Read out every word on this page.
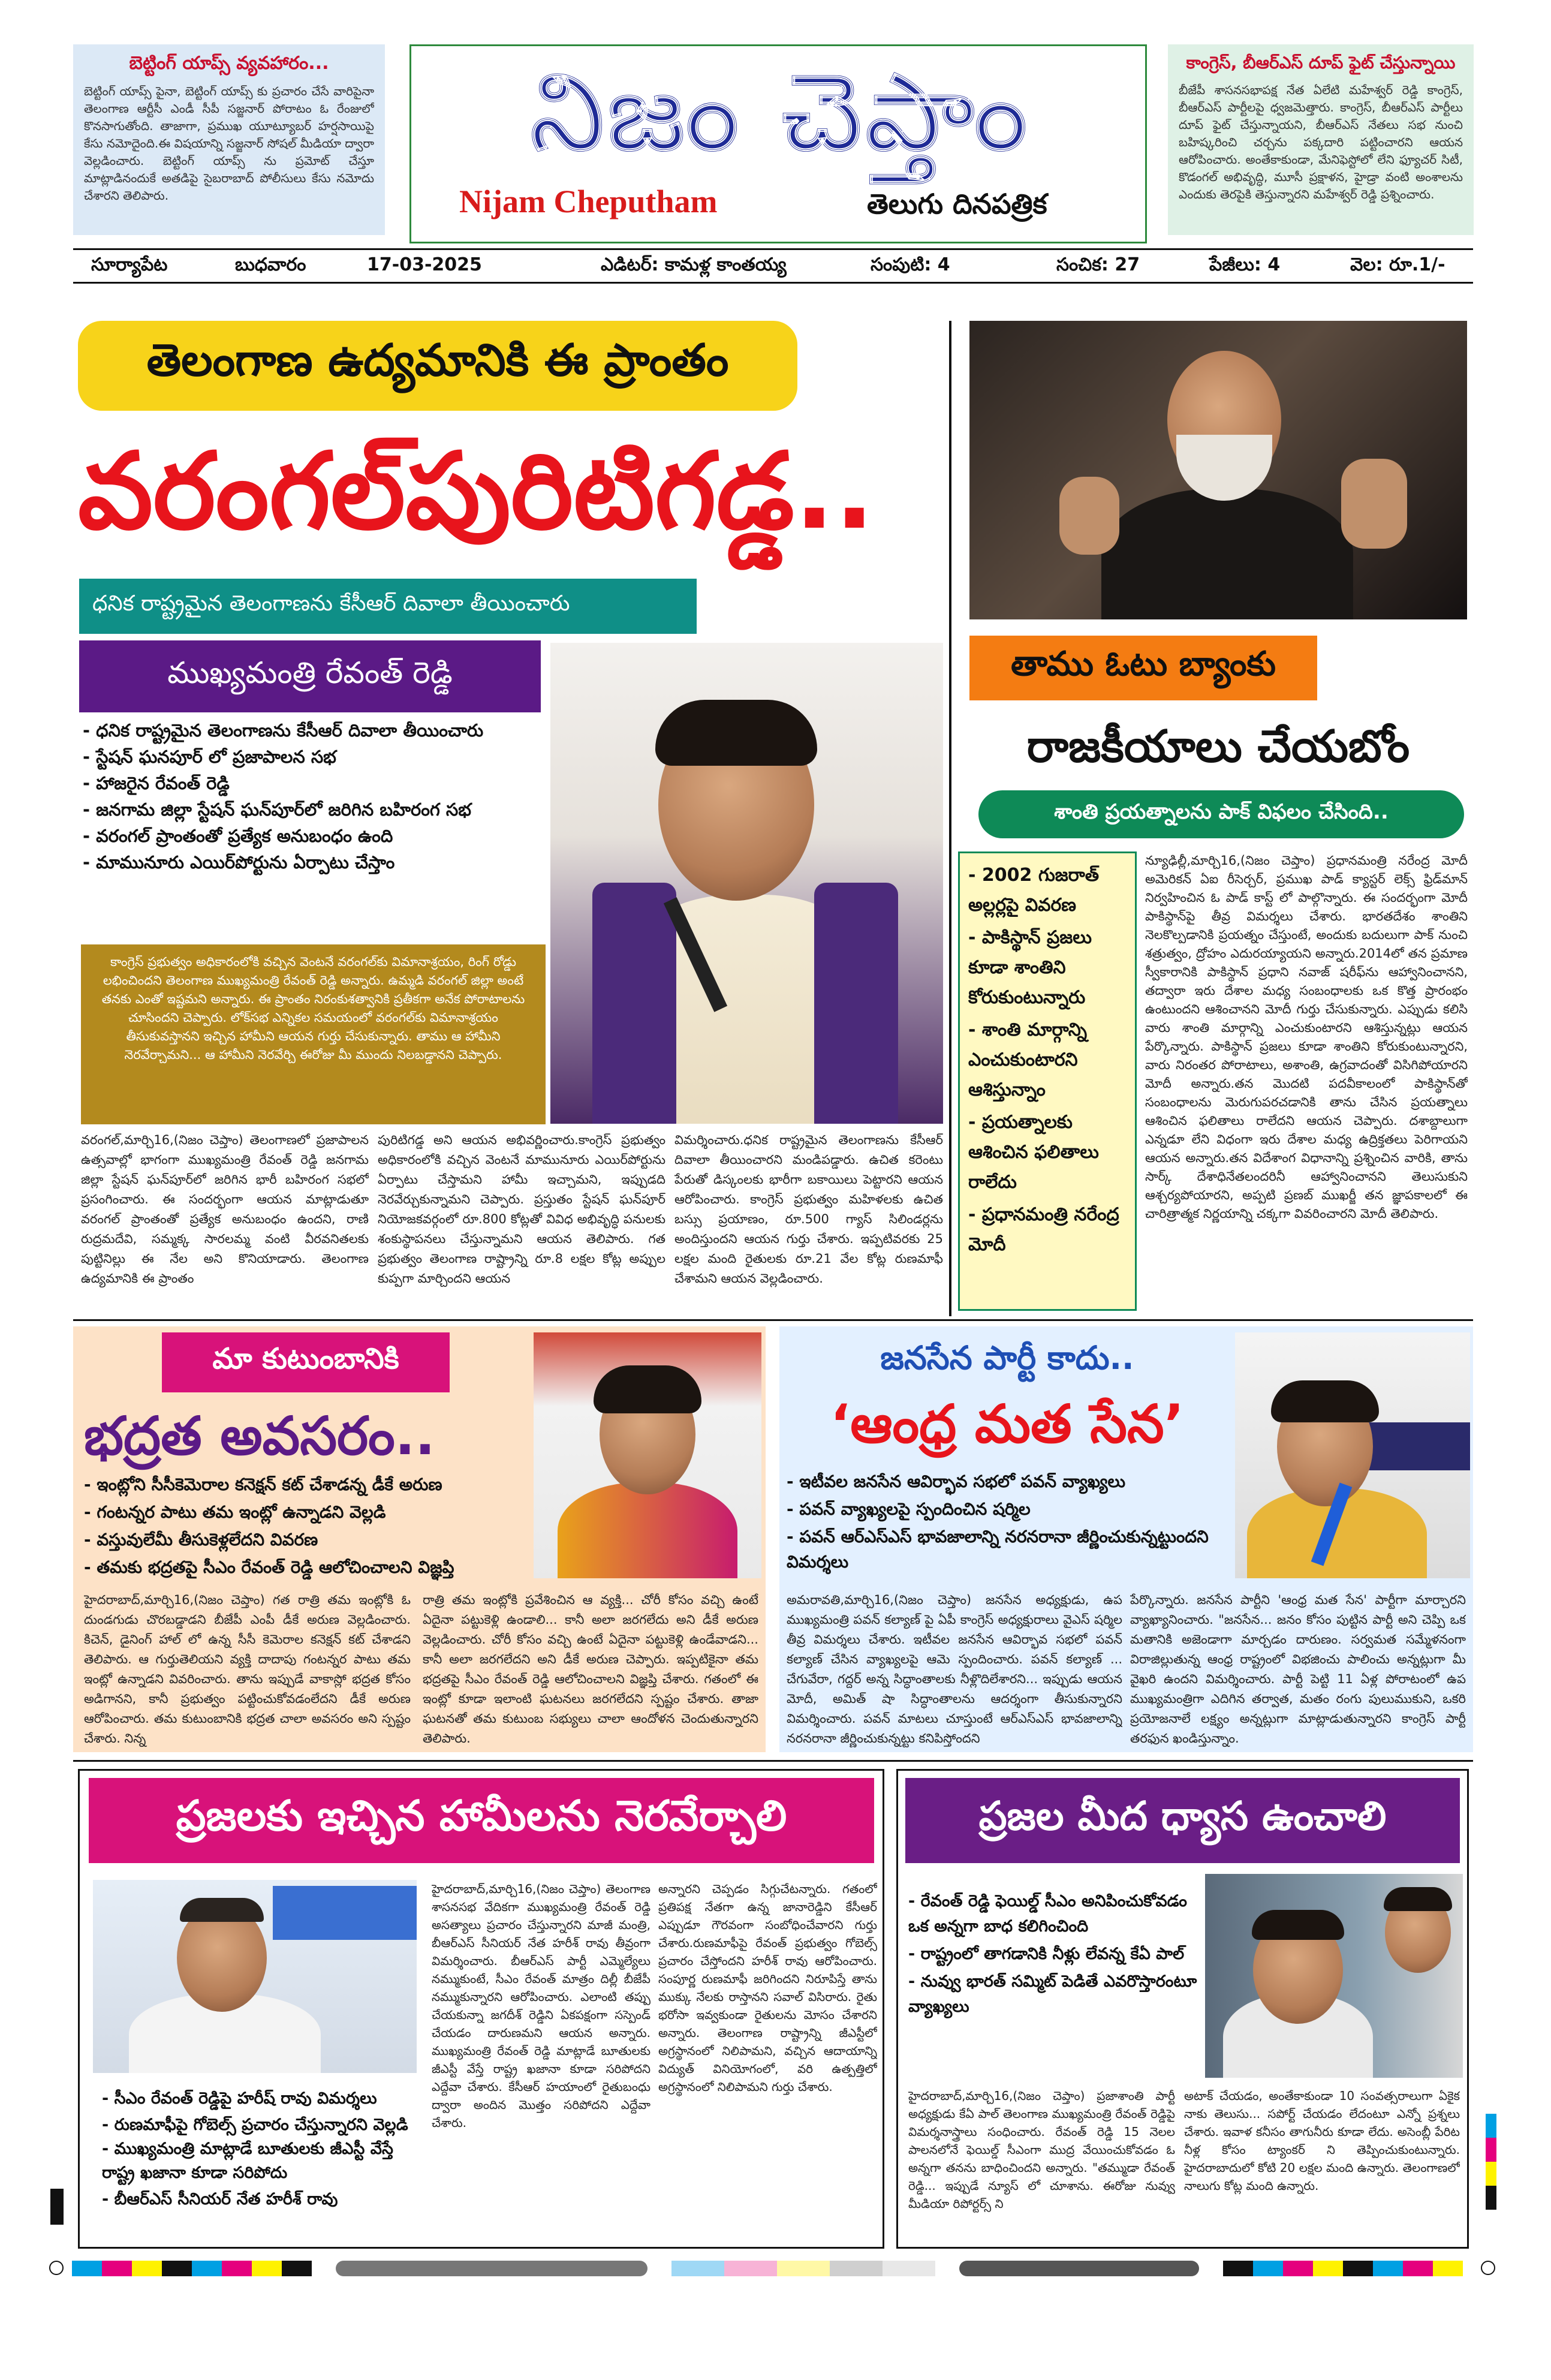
బెట్టింగ్ యాప్స్ వ్యవహారం...
బెట్టింగ్ యాప్స్ పైనా, బెట్టింగ్ యాప్స్ కు ప్రచారం చేసే వారిపైనా తెలంగాణ ఆర్టీసీ ఎండీ సీపీ సజ్జనార్ పోరాటం ఓ రేంజులో కొనసాగుతోంది. తాజాగా, ప్రముఖ యూట్యూబర్ హర్షసాయిపై కేసు నమోదైంది.ఈ విషయాన్ని సజ్జనార్ సోషల్ మీడియా ద్వారా వెల్లడించారు. బెట్టింగ్ యాప్స్ ను ప్రమోట్ చేస్తూ మాట్లాడినందుకే అతడిపై సైబరాబాద్ పోలీసులు కేసు నమోదు చేశారని తెలిపారు.
నిజం చెప్తాం
Nijam Cheputham	తెలుగు దినపత్రిక
కాంగ్రెస్, బీఆర్ఎస్ దూప్ ఫైట్ చేస్తున్నాయి
బీజేపీ శాసనసభాపక్ష నేత ఏలేటి మహేశ్వర్ రెడ్డి కాంగ్రెస్, బీఆర్ఎస్ పార్టీలపై ధ్వజమెత్తారు. కాంగ్రెస్, బీఆర్ఎస్ పార్టీలు దూప్ ఫైట్ చేస్తున్నాయని, బీఆర్ఎస్ నేతలు సభ నుంచి బహిష్కరించి చర్చను పక్కదారి పట్టించారని ఆయన ఆరోపించారు. అంతేకాకుండా, మేనిఫెస్టోలో లేని ఫ్యూచర్ సిటీ, కొడంగల్ అభివృద్ధి, మూసీ ప్రక్షాళన, హైడ్రా వంటి అంశాలను ఎందుకు తెరపైకి తెస్తున్నారని మహేశ్వర్ రెడ్డి ప్రశ్నించారు.
సూర్యాపేట	బుధవారం	17-03-2025	ఎడిటర్: కామళ్ల కాంతయ్య	సంపుటి: 4	సంచిక: 27	పేజీలు: 4	వెల: రూ.1/-
తెలంగాణ ఉద్యమానికి ఈ ప్రాంతం
వరంగల్‌పురిటిగడ్డ..
ధనిక రాష్ట్రమైన తెలంగాణను కేసీఆర్ దివాలా తీయించారు
ముఖ్యమంత్రి రేవంత్ రెడ్డి
- ధనిక రాష్ట్రమైన తెలంగాణను కేసీఆర్ దివాలా తీయించారు
- స్టేషన్ ఘనపూర్ లో ప్రజాపాలన సభ
- హాజరైన రేవంత్ రెడ్డి
- జనగామ జిల్లా స్టేషన్ ఘన్‌పూర్‌లో జరిగిన బహిరంగ సభ
- వరంగల్ ప్రాంతంతో ప్రత్యేక అనుబంధం ఉంది
- మామునూరు ఎయిర్‌పోర్టును ఏర్పాటు చేస్తాం
కాంగ్రెస్ ప్రభుత్వం అధికారంలోకి వచ్చిన వెంటనే వరంగల్‌కు విమానాశ్రయం, రింగ్ రోడ్డు లభించిందని తెలంగాణ ముఖ్యమంత్రి రేవంత్ రెడ్డి అన్నారు. ఉమ్మడి వరంగల్ జిల్లా అంటే తనకు ఎంతో ఇష్టమని అన్నారు. ఈ ప్రాంతం నిరంకుశత్వానికి ప్రతీకగా అనేక పోరాటాలను చూసిందని చెప్పారు. లోక్‌సభ ఎన్నికల సమయంలో వరంగల్‌కు విమానాశ్రయం తీసుకువస్తానని ఇచ్చిన హామీని ఆయన గుర్తు చేసుకున్నారు. తాము ఆ హామీని నెరవేర్చామని... ఆ హామీని నెరవేర్చి ఈరోజు మీ ముందు నిలబడ్డానని చెప్పారు.
వరంగల్,మార్చి16,(నిజం చెప్తాం) తెలంగాణలో ప్రజాపాలన ఉత్సవాల్లో భాగంగా ముఖ్యమంత్రి రేవంత్ రెడ్డి జనగామ జిల్లా స్టేషన్ ఘన్‌పూర్‌లో జరిగిన భారీ బహిరంగ సభలో ప్రసంగించారు. ఈ సందర్భంగా ఆయన మాట్లాడుతూ వరంగల్ ప్రాంతంతో ప్రత్యేక అనుబంధం ఉందని, రాణి రుద్రమదేవి, సమ్మక్క సారలమ్మ వంటి వీరవనితలకు పుట్టినిల్లు ఈ నేల అని కొనియాడారు. తెలంగాణ ఉద్యమానికి ఈ ప్రాంతం
పురిటిగడ్డ అని ఆయన అభివర్ణించారు.కాంగ్రెస్ ప్రభుత్వం అధికారంలోకి వచ్చిన వెంటనే మామునూరు ఎయిర్‌పోర్టును ఏర్పాటు చేస్తామని హామీ ఇచ్చామని, ఇప్పుడది నెరవేర్చుకున్నామని చెప్పారు. ప్రస్తుతం స్టేషన్ ఘన్‌పూర్ నియోజకవర్గంలో రూ.800 కోట్లతో వివిధ అభివృద్ధి పనులకు శంకుస్థాపనలు చేస్తున్నామని ఆయన తెలిపారు. గత ప్రభుత్వం తెలంగాణ రాష్ట్రాన్ని రూ.8 లక్షల కోట్ల అప్పుల కుప్పగా మార్చిందని ఆయన
విమర్శించారు.ధనిక రాష్ట్రమైన తెలంగాణను కేసీఆర్ దివాలా తీయించారని మండిపడ్డారు. ఉచిత కరెంటు పేరుతో డిస్కంలకు భారీగా బకాయిలు పెట్టారని ఆయన ఆరోపించారు. కాంగ్రెస్ ప్రభుత్వం మహిళలకు ఉచిత బస్సు ప్రయాణం, రూ.500 గ్యాస్ సిలిండర్లను అందిస్తుందని ఆయన గుర్తు చేశారు. ఇప్పటివరకు 25 లక్షల మంది రైతులకు రూ.21 వేల కోట్ల రుణమాఫీ చేశామని ఆయన వెల్లడించారు.
తాము ఓటు బ్యాంకు
రాజకీయాలు చేయబోం
శాంతి ప్రయత్నాలను పాక్ విఫలం చేసింది..
- 2002 గుజరాత్ అల్లర్లపై వివరణ
- పాకిస్థాన్ ప్రజలు కూడా శాంతిని కోరుకుంటున్నారు
- శాంతి మార్గాన్ని ఎంచుకుంటారని ఆశిస్తున్నాం
- ప్రయత్నాలకు ఆశించిన ఫలితాలు రాలేదు
- ప్రధానమంత్రి నరేంద్ర మోదీ
న్యూఢిల్లీ,మార్చి16,(నిజం చెప్తాం) ప్రధానమంత్రి నరేంద్ర మోదీ అమెరికన్ ఏఐ రీసెర్చర్, ప్రముఖ పాడ్ క్యాస్టర్ లెక్స్ ఫ్రిడ్‌మాన్ నిర్వహించిన ఓ పాడ్ కాస్ట్ లో పాల్గొన్నారు. ఈ సందర్భంగా మోదీ పాకిస్థాన్‌పై తీవ్ర విమర్శలు చేశారు. భారతదేశం శాంతిని నెలకొల్పడానికి ప్రయత్నం చేస్తుంటే, అందుకు బదులుగా పాక్ నుంచి శత్రుత్వం, ద్రోహం ఎదురయ్యాయని అన్నారు.2014లో తన ప్రమాణ స్వీకారానికి పాకిస్థాన్ ప్రధాని నవాజ్ షరీఫ్‌ను ఆహ్వానించానని, తద్వారా ఇరు దేశాల మధ్య సంబంధాలకు ఒక కొత్త ప్రారంభం ఉంటుందని ఆశించానని మోదీ గుర్తు చేసుకున్నారు. ఎప్పుడు కలిసి వారు శాంతి మార్గాన్ని ఎంచుకుంటారని ఆశిస్తున్నట్లు ఆయన పేర్కొన్నారు. పాకిస్థాన్ ప్రజలు కూడా శాంతిని కోరుకుంటున్నారని, వారు నిరంతర పోరాటాలు, అశాంతి, ఉగ్రవాదంతో విసిగిపోయారని మోదీ అన్నారు.తన మొదటి పదవీకాలంలో పాకిస్థాన్‌తో సంబంధాలను మెరుగుపరచడానికి తాను చేసిన ప్రయత్నాలు ఆశించిన ఫలితాలు రాలేదని ఆయన చెప్పారు. దశాబ్దాలుగా ఎన్నడూ లేని విధంగా ఇరు దేశాల మధ్య ఉద్రిక్తతలు పెరిగాయని ఆయన అన్నారు.తన విదేశాంగ విధానాన్ని ప్రశ్నించిన వారికి, తాను సార్క్ దేశాధినేతలందరినీ ఆహ్వానించానని తెలుసుకుని ఆశ్చర్యపోయారని, అప్పటి ప్రణబ్ ముఖర్జీ తన జ్ఞాపకాలలో ఈ చారిత్రాత్మక నిర్ణయాన్ని చక్కగా వివరించారని మోదీ తెలిపారు.
మా కుటుంబానికి
భద్రత అవసరం..
- ఇంట్లోని సీసీకెమెరాల కనెక్షన్ కట్ చేశాడన్న డీకే అరుణ
- గంటన్నర పాటు తమ ఇంట్లో ఉన్నాడని వెల్లడి
- వస్తువులేమీ తీసుకెళ్లలేదని వివరణ
- తమకు భద్రతపై సీఎం రేవంత్ రెడ్డి ఆలోచించాలని విజ్ఞప్తి
హైదరాబాద్,మార్చి16,(నిజం చెప్తాం) గత రాత్రి తమ ఇంట్లోకి ఓ దుండగుడు చొరబడ్డాడని బీజేపీ ఎంపీ డీకే అరుణ వెల్లడించారు. కిచెన్, డైనింగ్ హాల్ లో ఉన్న సీసీ కెమెరాల కనెక్షన్ కట్ చేశాడని తెలిపారు. ఆ గుర్తుతెలియని వ్యక్తి దాదాపు గంటన్నర పాటు తమ ఇంట్లో ఉన్నాడని వివరించారు. తాను ఇప్పుడే వాకాస్లో భద్రత కోసం అడిగానని, కానీ ప్రభుత్వం పట్టించుకోవడంలేదని డీకే అరుణ ఆరోపించారు. తమ కుటుంబానికి భద్రత చాలా అవసరం అని స్పష్టం చేశారు. నిన్న
రాత్రి తమ ఇంట్లోకి ప్రవేశించిన ఆ వ్యక్తి... చోరీ కోసం వచ్చి ఉంటే ఏదైనా పట్టుకెళ్లి ఉండాలి... కానీ అలా జరగలేదు అని డీకే అరుణ వెల్లడించారు. చోరీ కోసం వచ్చి ఉంటే ఏదైనా పట్టుకెళ్లి ఉండేవాడని... కానీ అలా జరగలేదని అని డీకే అరుణ చెప్పారు. ఇప్పటికైనా తమ భద్రతపై సీఎం రేవంత్ రెడ్డి ఆలోచించాలని విజ్ఞప్తి చేశారు. గతంలో ఈ ఇంట్లో కూడా ఇలాంటి ఘటనలు జరగలేదని స్పష్టం చేశారు. తాజా ఘటనతో తమ కుటుంబ సభ్యులు చాలా ఆందోళన చెందుతున్నారని తెలిపారు.
జనసేన పార్టీ కాదు..
‘ఆంధ్ర మత సేన’
- ఇటీవల జనసేన ఆవిర్భావ సభలో పవన్ వ్యాఖ్యలు
- పవన్ వ్యాఖ్యలపై స్పందించిన షర్మిల
- పవన్ ఆర్ఎస్ఎస్ భావజాలాన్ని నరనరానా జీర్ణించుకున్నట్టుందని విమర్శలు
అమరావతి,మార్చి16,(నిజం చెప్తాం) జనసేన అధ్యక్షుడు, ఉప ముఖ్యమంత్రి పవన్ కల్యాణ్ పై ఏపీ కాంగ్రెస్ అధ్యక్షురాలు వైఎస్ షర్మిల తీవ్ర విమర్శలు చేశారు. ఇటీవల జనసేన ఆవిర్భావ సభలో పవన్ కల్యాణ్ చేసిన వ్యాఖ్యలపై ఆమె స్పందించారు. పవన్ కల్యాణ్ ... చేగువేరా, గద్దర్ అన్న సిద్ధాంతాలకు నీళ్లొదిలేశారని... ఇప్పుడు ఆయన మోదీ, అమిత్ షా సిద్ధాంతాలను ఆదర్శంగా తీసుకున్నారని విమర్శించారు. పవన్ మాటలు చూస్తుంటే ఆర్ఎస్ఎస్ భావజాలాన్ని నరనరానా జీర్ణించుకున్నట్టు కనిపిస్తోందని
పేర్కొన్నారు. జనసేన పార్టీని 'ఆంధ్ర మత సేన' పార్టీగా మార్చారని వ్యాఖ్యానించారు. "జనసేన... జనం కోసం పుట్టిన పార్టీ అని చెప్పి ఒక మతానికి అజెండాగా మార్చడం దారుణం. సర్వమత సమ్మేళనంగా విరాజిల్లుతున్న ఆంధ్ర రాష్ట్రంలో విభజించు పాలించు అన్నట్లుగా మీ వైఖరి ఉందని విమర్శించారు. పార్టీ పెట్టి 11 ఏళ్ల పోరాటంలో ఉప ముఖ్యమంత్రిగా ఎదిగిన తర్వాత, మతం రంగు పులుముకుని, ఒకరి ప్రయోజనాలే లక్ష్యం అన్నట్లుగా మాట్లాడుతున్నారని కాంగ్రెస్ పార్టీ తరఫున ఖండిస్తున్నాం.
ప్రజలకు ఇచ్చిన హామీలను నెరవేర్చాలి
- సీఎం రేవంత్ రెడ్డిపై హరీష్ రావు విమర్శలు
- రుణమాఫీపై గోబెల్స్ ప్రచారం చేస్తున్నారని వెల్లడి - ముఖ్యమంత్రి మాట్లాడే బూతులకు జీఎస్టీ వేస్తే రాష్ట్ర ఖజానా కూడా సరిపోదు
- బీఆర్ఎస్ సీనియర్ నేత హరీశ్ రావు
హైదరాబాద్,మార్చి16,(నిజం చెప్తాం) తెలంగాణ శాసనసభ వేదికగా ముఖ్యమంత్రి రేవంత్ రెడ్డి అసత్యాలు ప్రచారం చేస్తున్నారని మాజీ మంత్రి, బీఆర్ఎస్ సీనియర్ నేత హరీశ్ రావు తీవ్రంగా విమర్శించారు. బీఆర్ఎస్ పార్టీ ఎమ్మెల్యేలు నమ్ముకుంటే, సీఎం రేవంత్ మాత్రం దిల్లీ బీజేపీ నమ్ముకున్నారని ఆరోపించారు. ఎలాంటి తప్పు చేయకున్నా జగదీశ్ రెడ్డిని ఏకపక్షంగా సస్పెండ్ చేయడం దారుణమని ఆయన అన్నారు. ముఖ్యమంత్రి రేవంత్ రెడ్డి మాట్లాడే బూతులకు జీఎస్టీ వేస్తే రాష్ట్ర ఖజానా కూడా సరిపోదని ఎద్దేవా చేశారు. కేసీఆర్ హయాంలో రైతుబంధు ద్వారా అందిన మొత్తం సరిపోదని ఎద్దేవా చేశారు.
అన్నారని చెప్పడం సిగ్గుచేటన్నారు. గతంలో ప్రతిపక్ష నేతగా ఉన్న జానారెడ్డిని కేసీఆర్ ఎప్పుడూ గౌరవంగా సంబోధించేవారని గుర్తు చేశారు.రుణమాఫీపై రేవంత్ ప్రభుత్వం గోబెల్స్ ప్రచారం చేస్తోందని హరీశ్ రావు ఆరోపించారు. సంపూర్ణ రుణమాఫీ జరిగిందని నిరూపిస్తే తాను ముక్కు నేలకు రాస్తానని సవాల్ విసిరారు. రైతు భరోసా ఇవ్వకుండా రైతులను మోసం చేశారని అన్నారు. తెలంగాణ రాష్ట్రాన్ని జీఎస్టీలో అగ్రస్థానంలో నిలిపామని, వచ్చిన ఆదాయాన్ని విద్యుత్ వినియోగంలో, వరి ఉత్పత్తిలో అగ్రస్థానంలో నిలిపామని గుర్తు చేశారు.
ప్రజల మీద ధ్యాస ఉంచాలి
- రేవంత్ రెడ్డి ఫెయిల్డ్ సీఎం అనిపించుకోవడం ఒక అన్నగా బాధ కలిగించింది
- రాష్ట్రంలో తాగడానికి నీళ్లు లేవన్న కేఏ పాల్
- నువ్వు భారత్ సమ్మిట్ పెడితే ఎవరొస్తారంటూ వ్యాఖ్యలు
హైదరాబాద్,మార్చి16,(నిజం చెప్తాం) ప్రజాశాంతి పార్టీ అధ్యక్షుడు కేఏ పాల్ తెలంగాణ ముఖ్యమంత్రి రేవంత్ రెడ్డిపై విమర్శనాస్త్రాలు సంధించారు. రేవంత్ రెడ్డి 15 నెలల పాలనలోనే ఫెయిల్డ్ సీఎంగా ముద్ర వేయించుకోవడం ఓ అన్నగా తనను బాధించిందని అన్నారు. "తమ్ముడా రేవంత్ రెడ్డి... ఇప్పుడే న్యూస్ లో చూశాను. ఈరోజు నువ్వు మీడియా రిపోర్టర్స్ ని
అటాక్ చేయడం, అంతేకాకుండా 10 సంవత్సరాలుగా ఏకైక నాకు తెలుసు... సపోర్ట్ చేయడం లేదంటూ ఎన్నో ప్రశ్నలు చేశారు. ఇవాళ కనీసం తాగునీరు కూడా లేదు. అసెంబ్లీ పేరిట నీళ్ల కోసం ట్యాంకర్ ని తెప్పించుకుంటున్నారు. హైదరాబాదులో కోటి 20 లక్షల మంది ఉన్నారు. తెలంగాణలో నాలుగు కోట్ల మంది ఉన్నారు.
